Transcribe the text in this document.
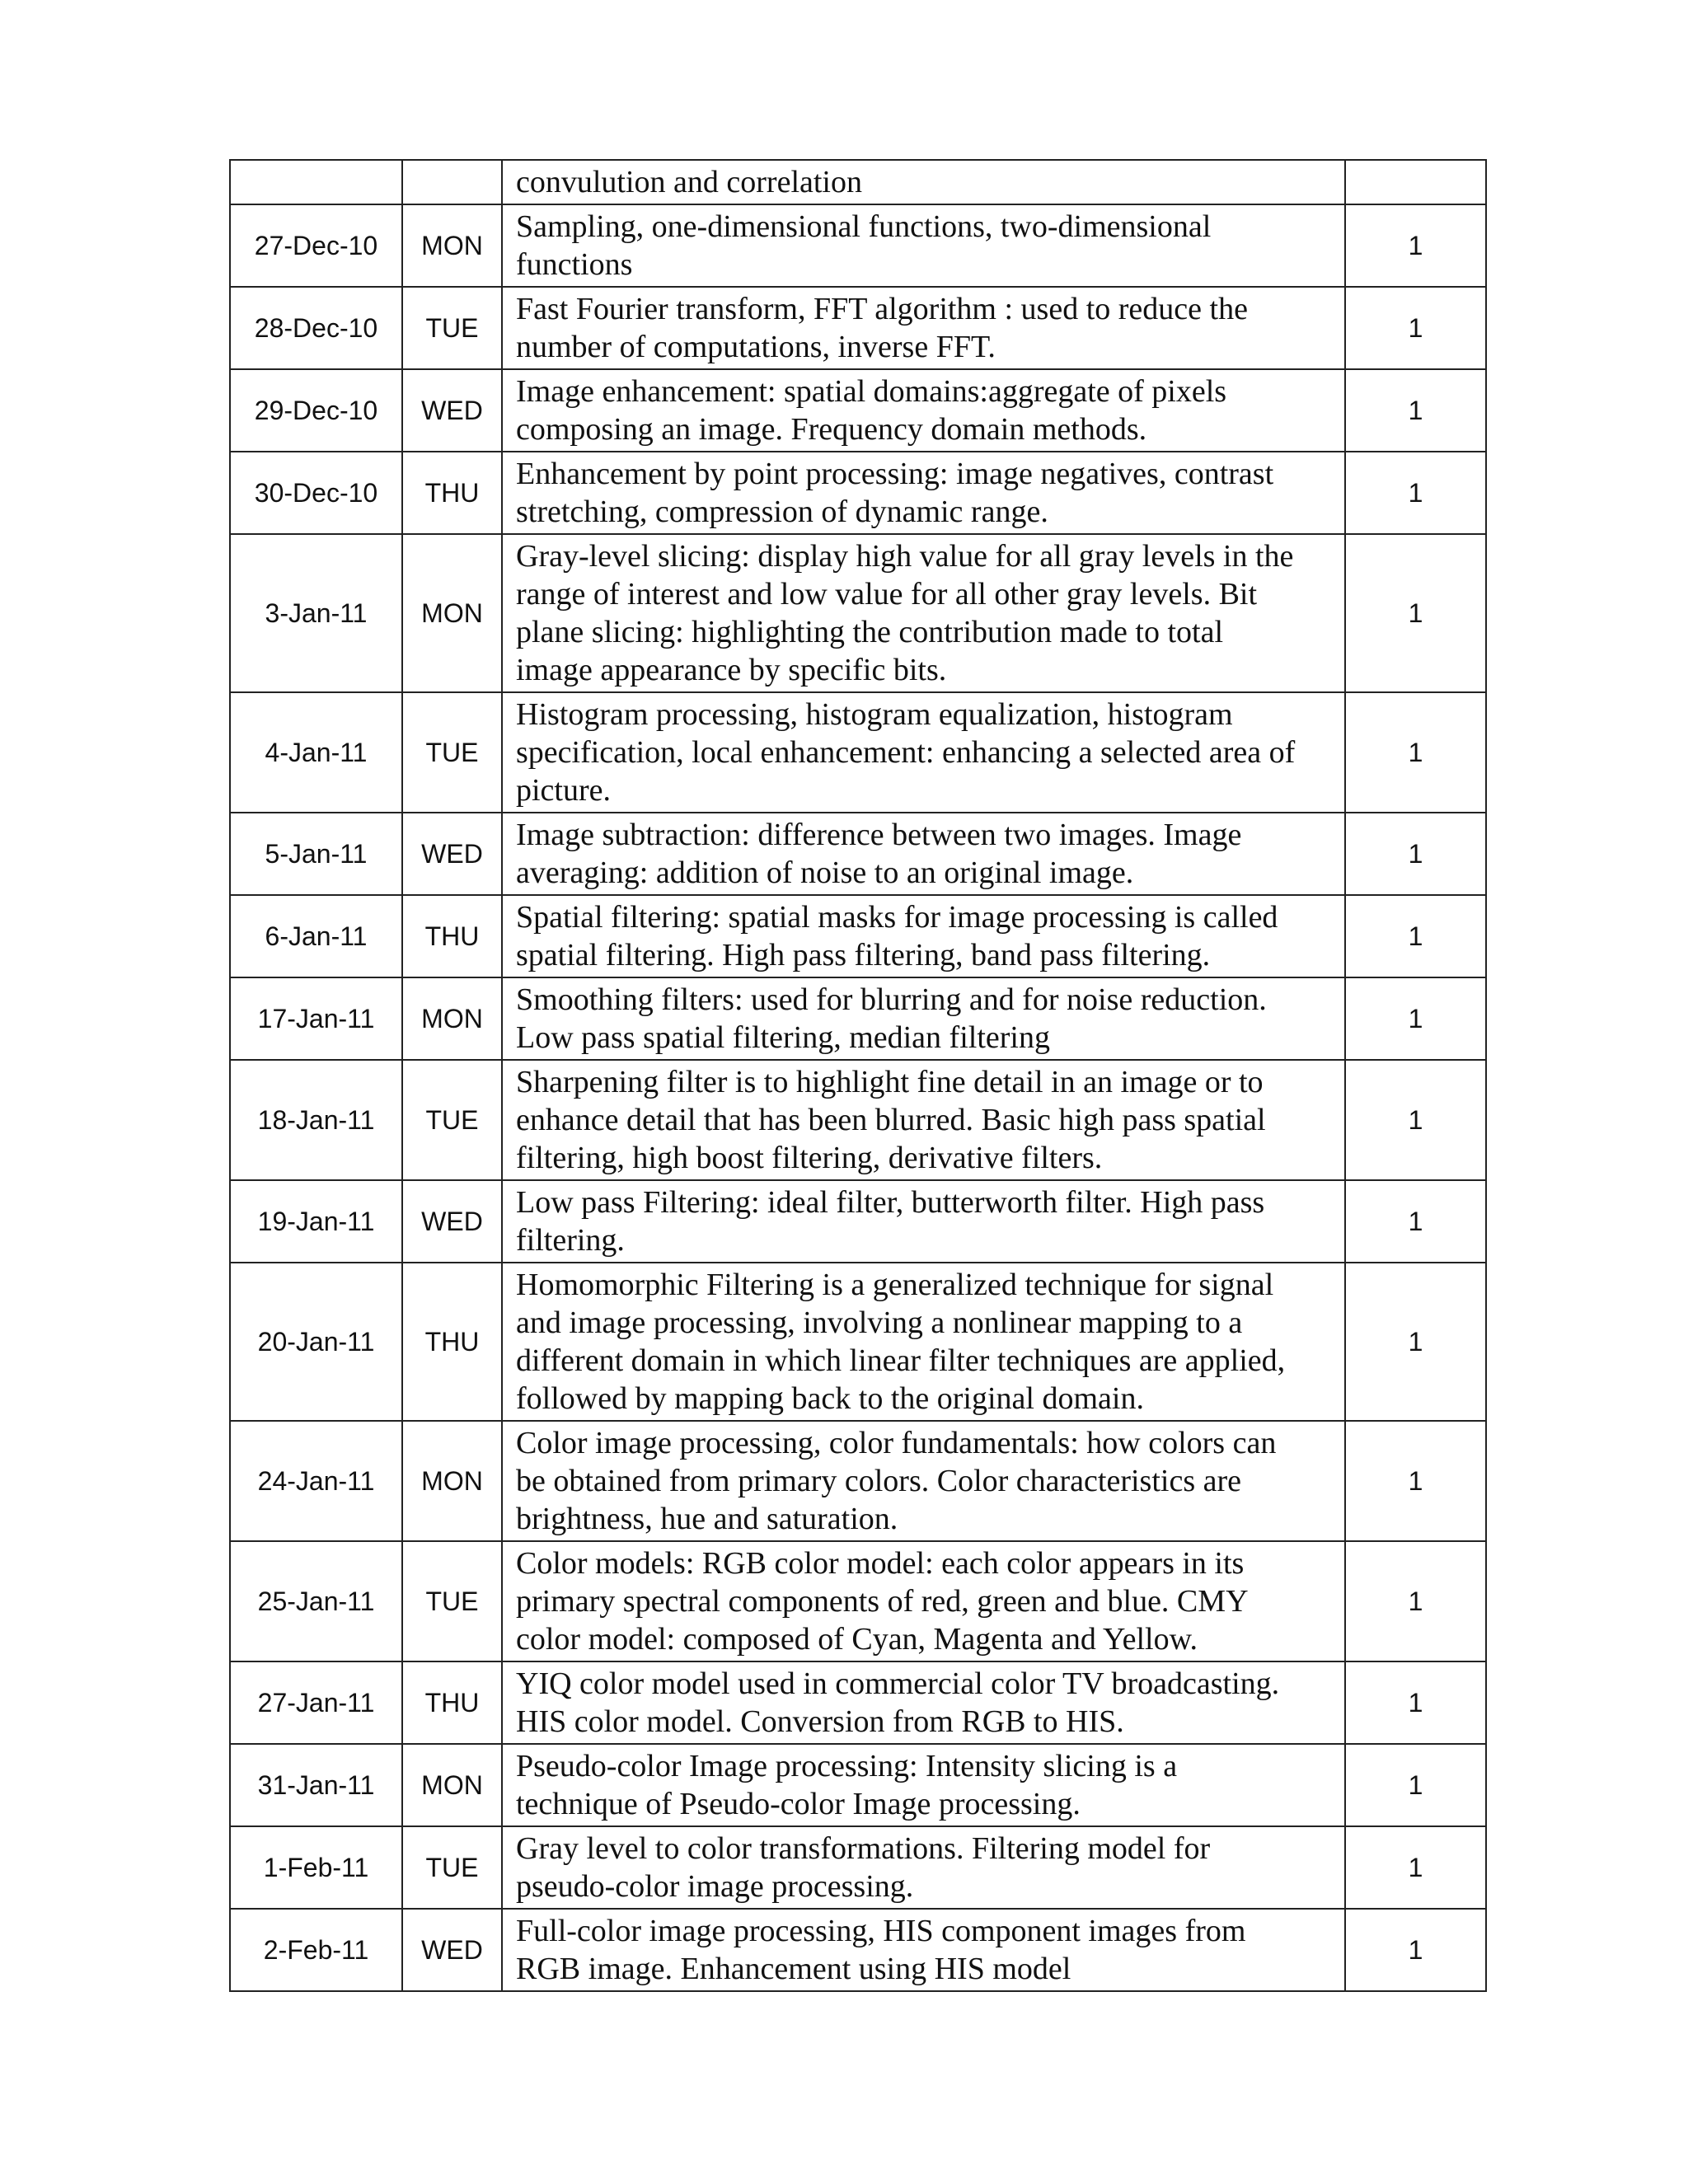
		convulution and correlation	

27-Dec-10	MON	Sampling, one-dimensional functions, two-dimensional
functions	1
28-Dec-10	TUE	Fast Fourier transform, FFT algorithm : used to reduce the
number of computations, inverse FFT.	1
29-Dec-10	WED	Image enhancement: spatial domains:aggregate of pixels
composing an image. Frequency domain methods.	1
30-Dec-10	THU	Enhancement by point processing: image negatives, contrast
stretching, compression of dynamic range.	1
3-Jan-11	MON	Gray-level slicing: display high value for all gray levels in the
range of interest and low value for all other gray levels. Bit
plane slicing: highlighting the contribution made to total
image appearance by specific bits.	1
4-Jan-11	TUE	Histogram processing, histogram equalization, histogram
specification, local enhancement: enhancing a selected area of
picture.	1
5-Jan-11	WED	Image subtraction: difference between two images. Image
averaging: addition of noise to an original image.	1
6-Jan-11	THU	Spatial filtering: spatial masks for image processing is called
spatial filtering. High pass filtering, band pass filtering.	1
17-Jan-11	MON	Smoothing filters: used for blurring and for noise reduction.
Low pass spatial filtering, median filtering	1
18-Jan-11	TUE	Sharpening filter is to highlight fine detail in an image or to
enhance detail that has been blurred. Basic high pass spatial
filtering, high boost filtering, derivative filters.	1
19-Jan-11	WED	Low pass Filtering: ideal filter, butterworth filter. High pass
filtering.	1
20-Jan-11	THU	Homomorphic Filtering is a generalized technique for signal
and image processing, involving a nonlinear mapping to a
different domain in which linear filter techniques are applied,
followed by mapping back to the original domain.	1
24-Jan-11	MON	Color image processing, color fundamentals: how colors can
be obtained from primary colors. Color characteristics are
brightness, hue and saturation.	1
25-Jan-11	TUE	Color models: RGB color model: each color appears in its
primary spectral components of red, green and blue. CMY
color model: composed of Cyan, Magenta and Yellow.	1
27-Jan-11	THU	YIQ color model used in commercial color TV broadcasting.
HIS color model. Conversion from RGB to HIS.	1
31-Jan-11	MON	Pseudo-color Image processing: Intensity slicing is a
technique of Pseudo-color Image processing.	1
1-Feb-11	TUE	Gray level to color transformations. Filtering model for
pseudo-color image processing.	1
2-Feb-11	WED	Full-color image processing, HIS component images from
RGB image. Enhancement using HIS model	1
